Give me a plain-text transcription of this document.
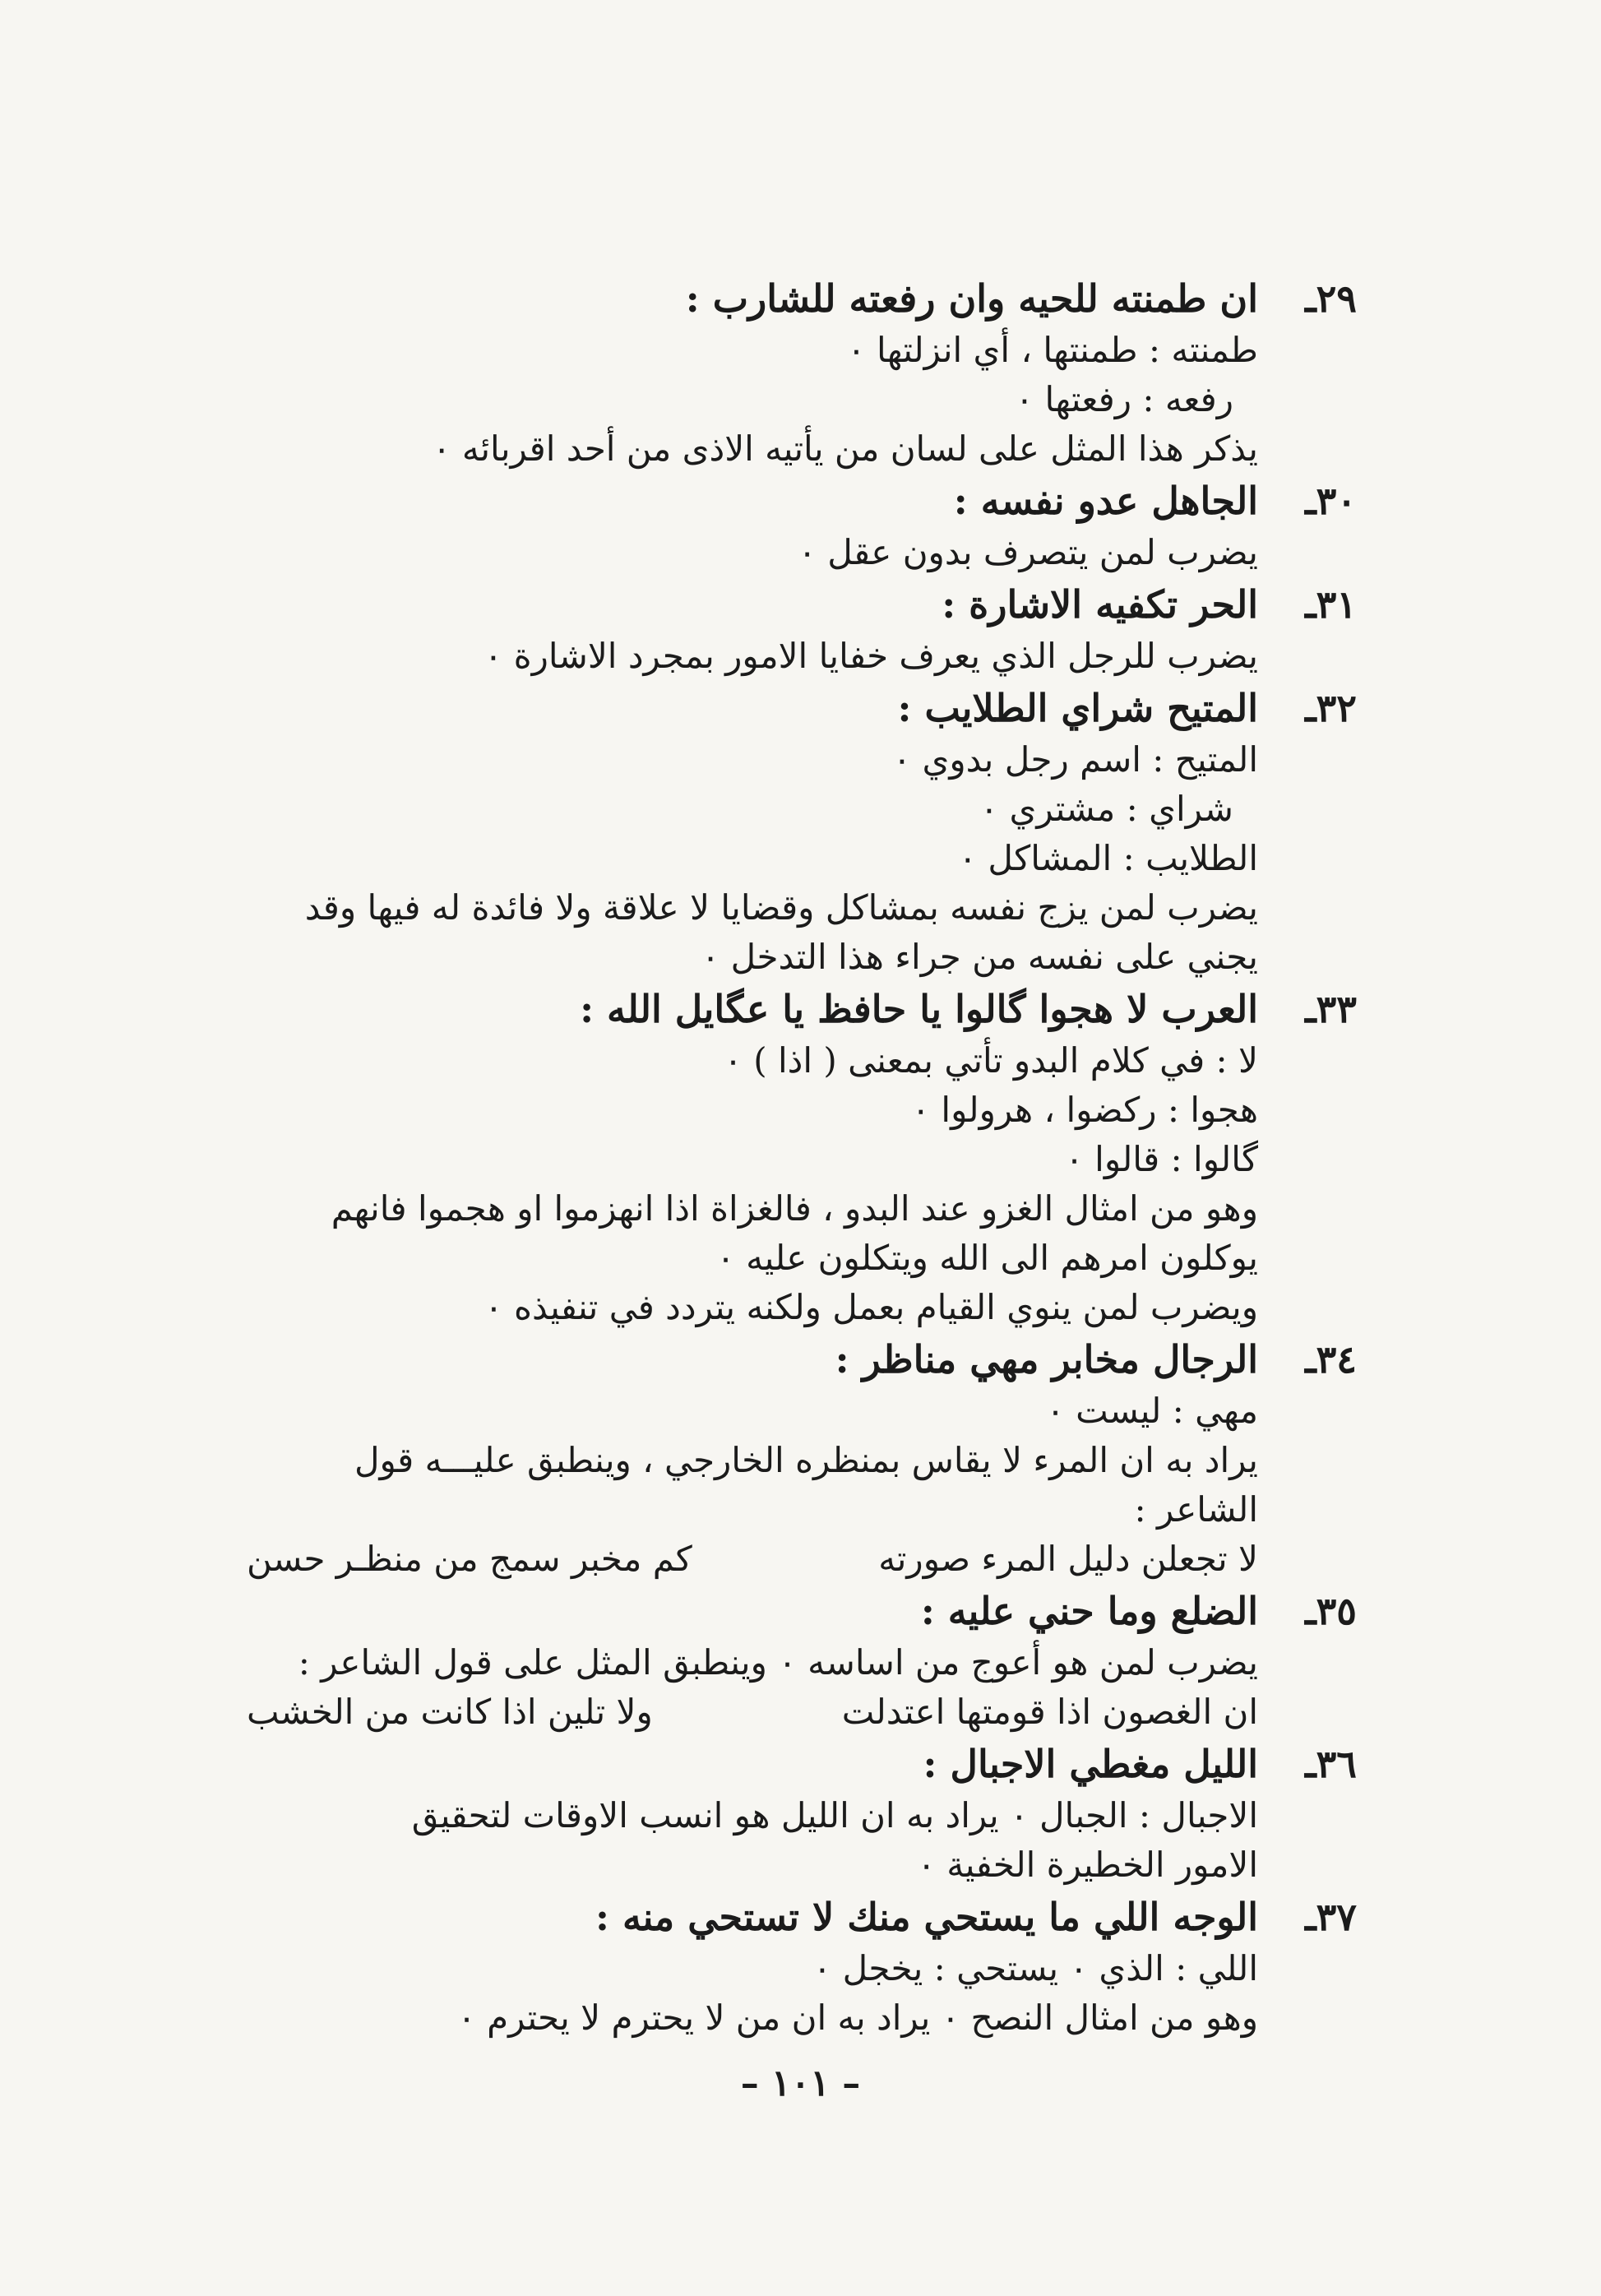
٢٩ـ
ان طمنته للحيه وان رفعته للشارب :
طمنته : طمنتها ، أي انزلتها ٠
رفعه : رفعتها ٠
يذكر هذا المثل على لسان من يأتيه الاذى من أحد اقربائه ٠
٣٠ـ
الجاهل عدو نفسه :
يضرب لمن يتصرف بدون عقل ٠
٣١ـ
الحر تكفيه الاشارة :
يضرب للرجل الذي يعرف خفايا الامور بمجرد الاشارة ٠
٣٢ـ
المتيح شراي الطلايب :
المتيح : اسم رجل بدوي ٠
شراي : مشتري ٠
الطلايب : المشاكل ٠
يضرب لمن يزج نفسه بمشاكل وقضايا لا علاقة ولا فائدة له فيها وقد
يجني على نفسه من جراء هذا التدخل ٠
٣٣ـ
العرب لا هجوا گالوا يا حافظ يا عگايل الله :
لا : في كلام البدو تأتي بمعنى ( اذا ) ٠
هجوا : ركضوا ، هرولوا ٠
گالوا : قالوا ٠
وهو من امثال الغزو عند البدو ، فالغزاة اذا انهزموا او هجموا فانهم
يوكلون امرهم الى الله ويتكلون عليه ٠
ويضرب لمن ينوي القيام بعمل ولكنه يتردد في تنفيذه ٠
٣٤ـ
الرجال مخابر مهي مناظر :
مهي : ليست ٠
يراد به ان المرء لا يقاس بمنظره الخارجي ، وينطبق عليـــه قول
الشاعر :
لا تجعلن دليل المرء صورته
كم مخبر سمج من منظـر حسن
٣٥ـ
الضلع وما حني عليه :
يضرب لمن هو أعوج من اساسه ٠ وينطبق المثل على قول الشاعر :
ان الغصون اذا قومتها اعتدلت
ولا تلين اذا كانت من الخشب
٣٦ـ
الليل مغطي الاجبال :
الاجبال : الجبال ٠ يراد به ان الليل هو انسب الاوقات لتحقيق
الامور الخطيرة الخفية ٠
٣٧ـ
الوجه اللي ما يستحي منك لا تستحي منه :
اللي : الذي ٠ يستحي : يخجل ٠
وهو من امثال النصح ٠ يراد به ان من لا يحترم لا يحترم ٠
– ١٠١ –
